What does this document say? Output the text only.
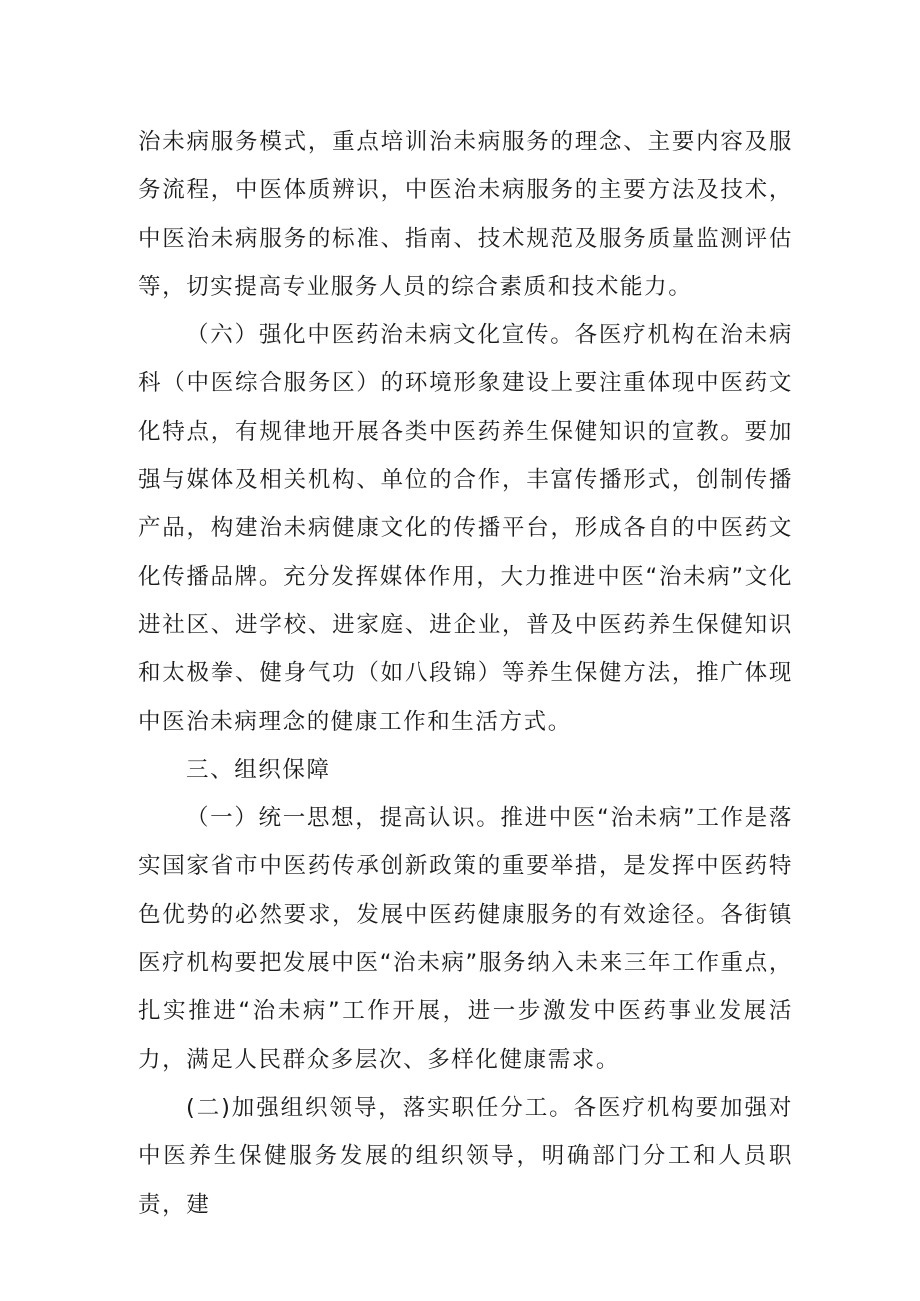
治未病服务模式，重点培训治未病服务的理念、主要内容及服务流程，中医体质辨识，中医治未病服务的主要方法及技术，中医治未病服务的标准、指南、技术规范及服务质量监测评估等，切实提高专业服务人员的综合素质和技术能力。

（六）强化中医药治未病文化宣传。各医疗机构在治未病科（中医综合服务区）的环境形象建设上要注重体现中医药文化特点，有规律地开展各类中医药养生保健知识的宣教。要加强与媒体及相关机构、单位的合作，丰富传播形式，创制传播产品，构建治未病健康文化的传播平台，形成各自的中医药文化传播品牌。充分发挥媒体作用，大力推进中医“治未病”文化进社区、进学校、进家庭、进企业，普及中医药养生保健知识和太极拳、健身气功（如八段锦）等养生保健方法，推广体现中医治未病理念的健康工作和生活方式。

三、组织保障

（一）统一思想，提高认识。推进中医“治未病”工作是落实国家省市中医药传承创新政策的重要举措，是发挥中医药特色优势的必然要求，发展中医药健康服务的有效途径。各街镇医疗机构要把发展中医“治未病”服务纳入未来三年工作重点，扎实推进“治未病”工作开展，进一步激发中医药事业发展活力，满足人民群众多层次、多样化健康需求。

(二)加强组织领导，落实职任分工。各医疗机构要加强对中医养生保健服务发展的组织领导，明确部门分工和人员职责，建
